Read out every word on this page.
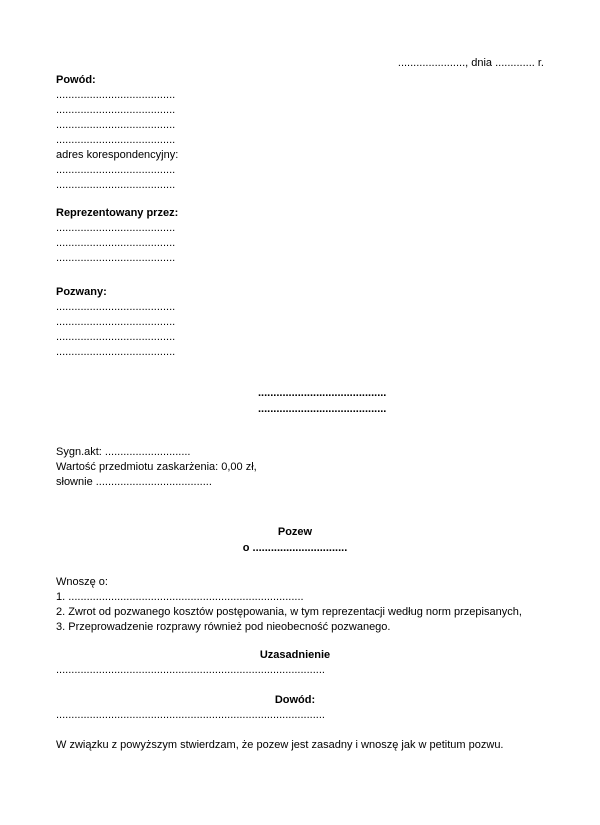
......................, dnia ............. r.
Powód:
.......................................
.......................................
.......................................
.......................................
adres korespondencyjny:
.......................................
.......................................
Reprezentowany przez:
.......................................
.......................................
.......................................
Pozwany:
.......................................
.......................................
.......................................
.......................................
..........................................
..........................................
Sygn.akt: ............................
Wartość przedmiotu zaskarżenia: 0,00 zł,
słownie ......................................
Pozew
o ...............................
Wnoszę o:
1. .............................................................................
2. Zwrot od pozwanego kosztów postępowania, w tym reprezentacji według norm przepisanych,
3. Przeprowadzenie rozprawy również pod nieobecność pozwanego.
Uzasadnienie
........................................................................................
Dowód:
........................................................................................
W związku z powyższym stwierdzam, że pozew jest zasadny i wnoszę jak w petitum pozwu.
